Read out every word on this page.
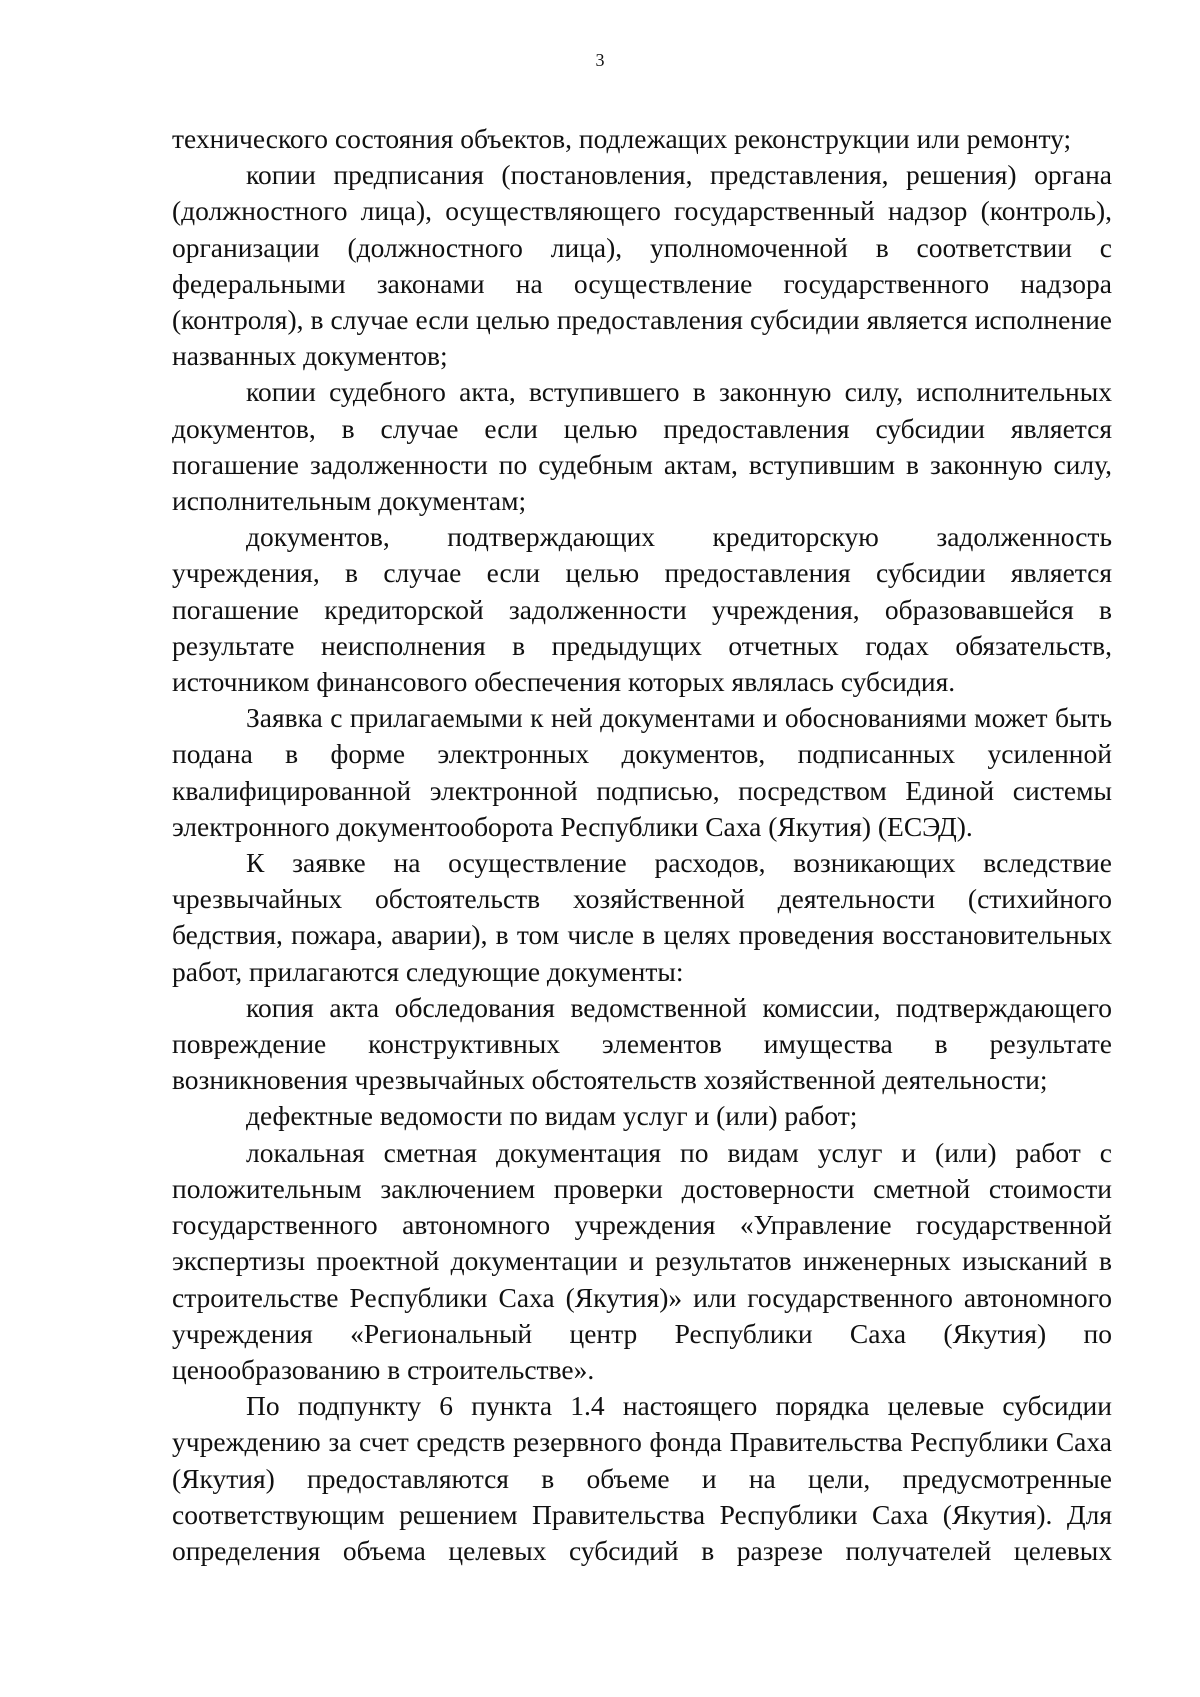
3

технического состояния объектов, подлежащих реконструкции или ремонту;

копии предписания (постановления, представления, решения) органа (должностного лица), осуществляющего государственный надзор (контроль), организации (должностного лица), уполномоченной в соответствии с федеральными законами на осуществление государственного надзора (контроля), в случае если целью предоставления субсидии является исполнение названных документов;

копии судебного акта, вступившего в законную силу, исполнительных документов, в случае если целью предоставления субсидии является погашение задолженности по судебным актам, вступившим в законную силу, исполнительным документам;

документов, подтверждающих кредиторскую задолженность учреждения, в случае если целью предоставления субсидии является погашение кредиторской задолженности учреждения, образовавшейся в результате неисполнения в предыдущих отчетных годах обязательств, источником финансового обеспечения которых являлась субсидия.

Заявка с прилагаемыми к ней документами и обоснованиями может быть подана в форме электронных документов, подписанных усиленной квалифицированной электронной подписью, посредством Единой системы электронного документооборота Республики Саха (Якутия) (ЕСЭД).

К заявке на осуществление расходов, возникающих вследствие чрезвычайных обстоятельств хозяйственной деятельности (стихийного бедствия, пожара, аварии), в том числе в целях проведения восстановительных работ, прилагаются следующие документы:

копия акта обследования ведомственной комиссии, подтверждающего повреждение конструктивных элементов имущества в результате возникновения чрезвычайных обстоятельств хозяйственной деятельности;

дефектные ведомости по видам услуг и (или) работ;

локальная сметная документация по видам услуг и (или) работ с положительным заключением проверки достоверности сметной стоимости государственного автономного учреждения «Управление государственной экспертизы проектной документации и результатов инженерных изысканий в строительстве Республики Саха (Якутия)» или государственного автономного учреждения «Региональный центр Республики Саха (Якутия) по ценообразованию в строительстве».

По подпункту 6 пункта 1.4 настоящего порядка целевые субсидии учреждению за счет средств резервного фонда Правительства Республики Саха (Якутия) предоставляются в объеме и на цели, предусмотренные соответствующим решением Правительства Республики Саха (Якутия). Для определения объема целевых субсидий в разрезе получателей целевых
